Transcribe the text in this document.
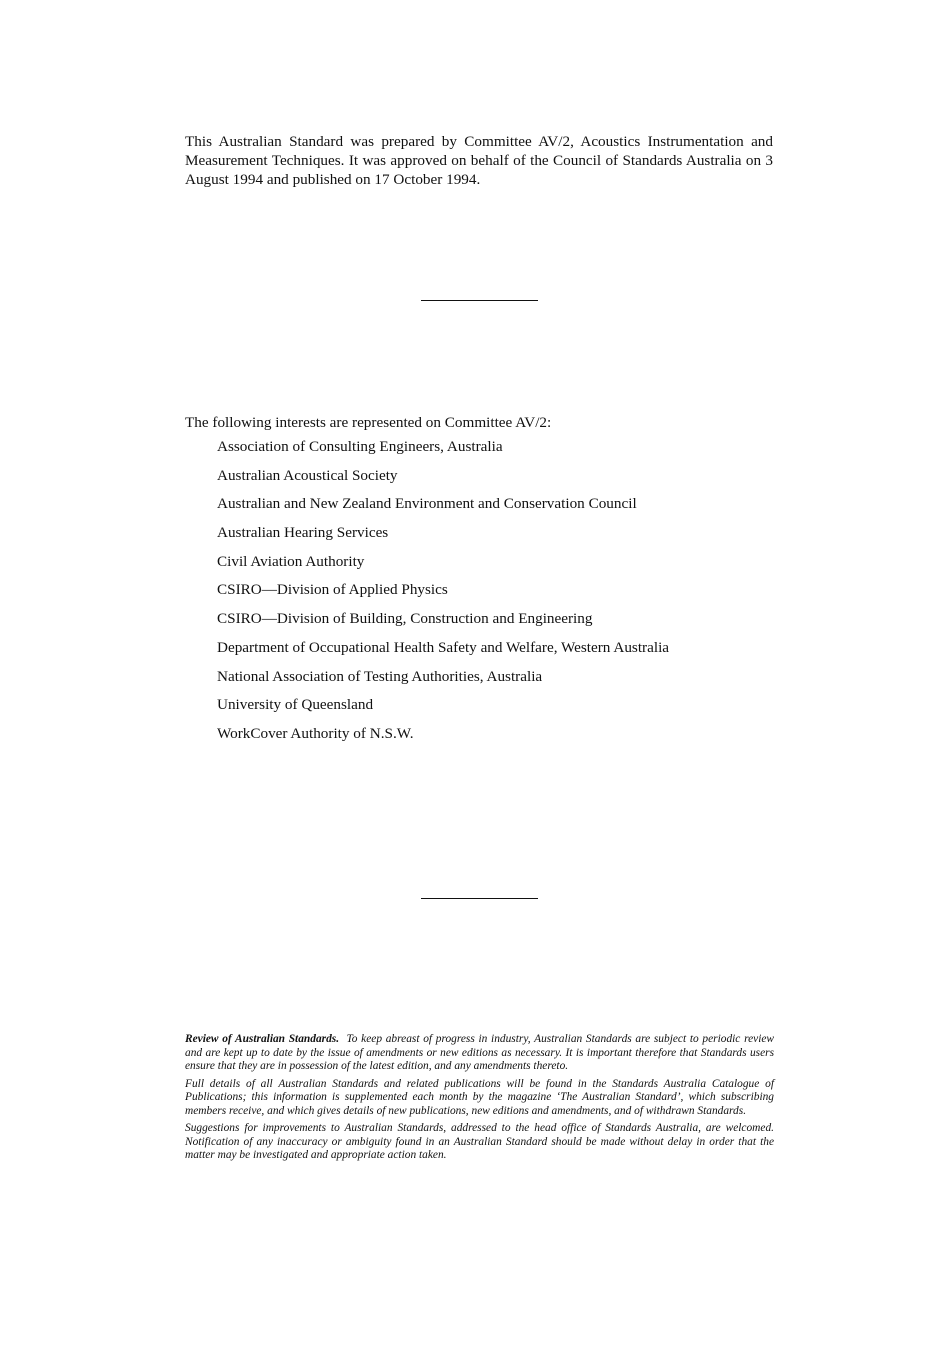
This Australian Standard was prepared by Committee AV/2, Acoustics Instrumentation and Measurement Techniques. It was approved on behalf of the Council of Standards Australia on 3 August 1994 and published on 17 October 1994.

The following interests are represented on Committee AV/2:

Association of Consulting Engineers, Australia
Australian Acoustical Society
Australian and New Zealand Environment and Conservation Council
Australian Hearing Services
Civil Aviation Authority
CSIRO—Division of Applied Physics
CSIRO—Division of Building, Construction and Engineering
Department of Occupational Health Safety and Welfare, Western Australia
National Association of Testing Authorities, Australia
University of Queensland
WorkCover Authority of N.S.W.

Review of Australian Standards. To keep abreast of progress in industry, Australian Standards are subject to periodic review and are kept up to date by the issue of amendments or new editions as necessary. It is important therefore that Standards users ensure that they are in possession of the latest edition, and any amendments thereto.

Full details of all Australian Standards and related publications will be found in the Standards Australia Catalogue of Publications; this information is supplemented each month by the magazine ‘The Australian Standard’, which subscribing members receive, and which gives details of new publications, new editions and amendments, and of withdrawn Standards.

Suggestions for improvements to Australian Standards, addressed to the head office of Standards Australia, are welcomed. Notification of any inaccuracy or ambiguity found in an Australian Standard should be made without delay in order that the matter may be investigated and appropriate action taken.
